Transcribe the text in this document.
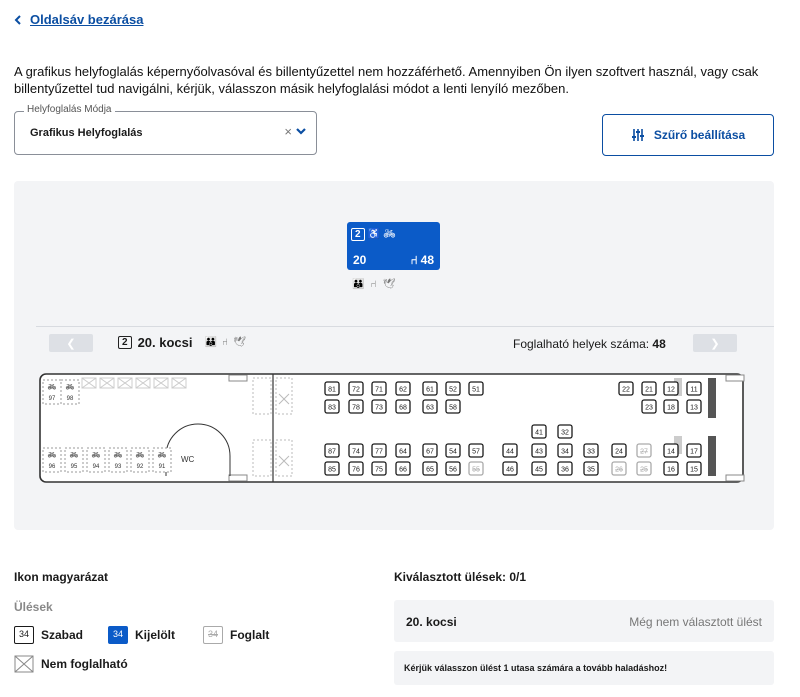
Oldalsáv bezárása

A grafikus helyfoglalás képernyőolvasóval és billentyűzettel nem hozzáférhető. Amennyiben Ön ilyen szoftvert használ, vagy csak billentyűzettel tud navigálni, kérjük, válasszon másik helyfoglalási módot a lenti lenyíló mezőben.

Helyfoglalás Módja
Grafikus Helyfoglalás	×	Szűrő beállítása
2 ♿ 🚲︎
20	⑁ 48
👪︎ ⑁ 🕊︎
❮	❯
2 20. kocsi 👪︎ ⑁ 🕊︎	Foglalható helyek száma: 48
WC
🚲︎
97
🚲︎
98
🚲︎
96
🚲︎
95
🚲︎
94
🚲︎
93
🚲︎
92
🚲︎
91
81 72 71 62	61 52 51
83 78 73 68	63 58
87 74 77 64	67 54 57
85 76 75 66	65 56 55
41	32
44	43	34	33
46	45	36	35
22 21 12 11
23 18 13
24 27	14 17
26 25	16 15
Ikon magyarázat
Ülések
34	Szabad	34	Kijelölt	34	Foglalt
Nem foglalható
Kiválasztott ülések: 0/1
20. kocsi	Még nem választott ülést
Kérjük válasszon ülést 1 utasa számára a tovább haladáshoz!
